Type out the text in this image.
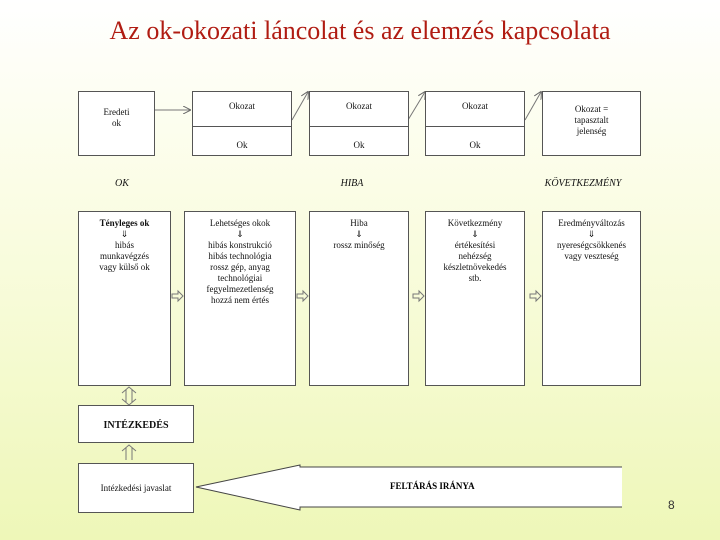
Az ok-okozati láncolat és az elemzés kapcsolata
Eredeti
ok
Okozat
Ok
Okozat
Ok
Okozat
Ok
Okozat =
tapasztalt
jelenség
OK	HIBA	KÖVETKEZMÉNY
Tényleges ok
⇓
hibás
munkavégzés
vagy külső ok
Lehetséges okok
⇓
hibás konstrukció
hibás technológia
rossz gép, anyag
technológiai
fegyelmezetlenség
hozzá nem értés
Hiba
⇓
rossz minőség
Következmény
⇓
értékesítési
nehézség
készletnövekedés
stb.
Eredményváltozás
⇓
nyereségcsökkenés
vagy veszteség
INTÉZKEDÉS
Intézkedési javaslat	FELTÁRÁS IRÁNYA
8
